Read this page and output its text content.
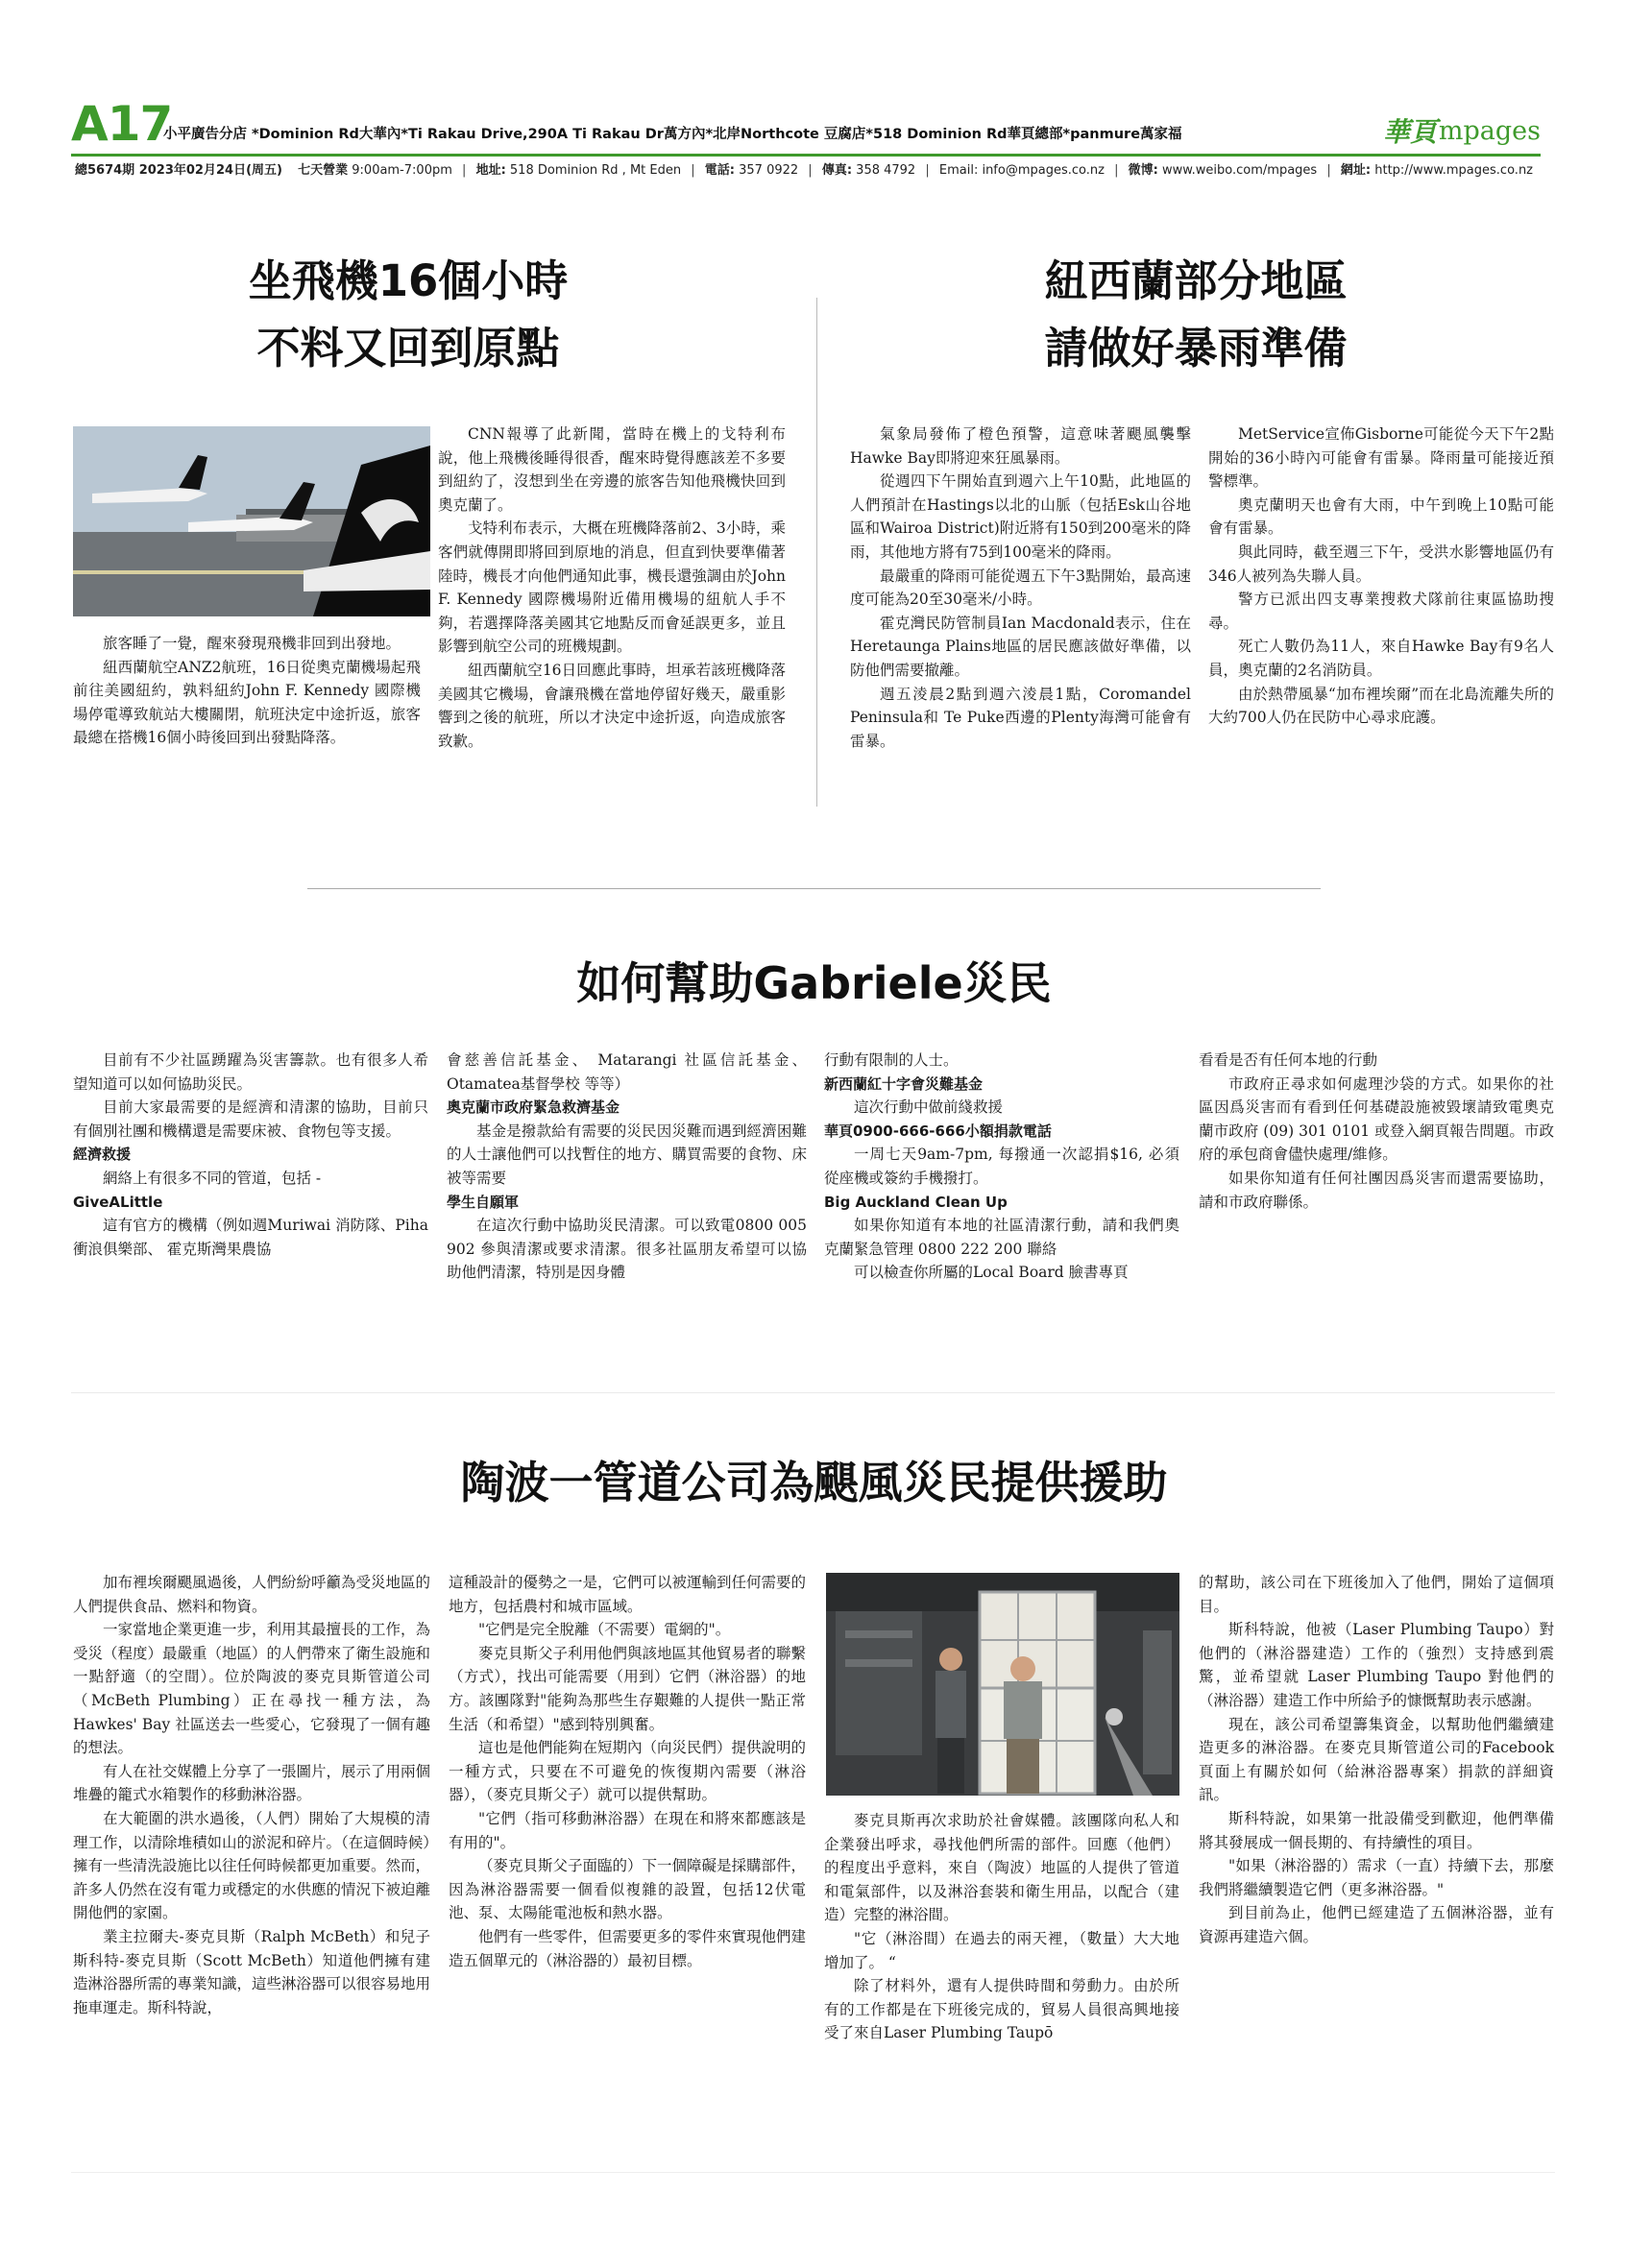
A17
小平廣告分店 *Dominion Rd大華內*Ti Rakau Drive,290A Ti Rakau Dr萬方內*北岸Northcote 豆腐店*518 Dominion Rd華頁總部*panmure萬家福	華頁 mpages
總5674期 2023年02月24日(周五) 七天營業 9:00am-7:00pm | 地址: 518 Dominion Rd , Mt Eden | 電話: 357 0922 | 傳真: 358 4792 | Email: info@mpages.co.nz | 微博: www.weibo.com/mpages | 網址: http://www.mpages.co.nz
坐飛機16個小時
不料又回到原點

旅客睡了一覺，醒來發現飛機非回到出發地。

紐西蘭航空ANZ2航班，16日從奧克蘭機場起飛前往美國紐約，孰料紐約John F. Kennedy 國際機場停電導致航站大樓關閉，航班決定中途折返，旅客最總在搭機16個小時後回到出發點降落。

CNN報導了此新聞，當時在機上的戈特利布說，他上飛機後睡得很香，醒來時覺得應該差不多要到紐約了，沒想到坐在旁邊的旅客告知他飛機快回到奧克蘭了。

戈特利布表示，大概在班機降落前2、3小時，乘客們就傳開即將回到原地的消息，但直到快要準備著陸時，機長才向他們通知此事，機長還強調由於John F. Kennedy 國際機場附近備用機場的紐航人手不夠，若選擇降落美國其它地點反而會延誤更多，並且影響到航空公司的班機規劃。

紐西蘭航空16日回應此事時，坦承若該班機降落美國其它機場，會讓飛機在當地停留好幾天，嚴重影響到之後的航班，所以才決定中途折返，向造成旅客致歉。

紐西蘭部分地區
請做好暴雨準備

氣象局發佈了橙色預警，這意味著颶風襲擊Hawke Bay即將迎來狂風暴雨。

從週四下午開始直到週六上午10點，此地區的人們預計在Hastings以北的山脈（包括Esk山谷地區和Wairoa District)附近將有150到200毫米的降雨，其他地方將有75到100毫米的降雨。

最嚴重的降雨可能從週五下午3點開始，最高速度可能為20至30毫米/小時。

霍克灣民防管制員Ian Macdonald表示，住在Heretaunga Plains地區的居民應該做好準備，以防他們需要撤離。

週五淩晨2點到週六淩晨1點，Coromandel Peninsula和 Te Puke西邊的Plenty海灣可能會有雷暴。

MetService宣佈Gisborne可能從今天下午2點開始的36小時內可能會有雷暴。降雨量可能接近預警標準。

奧克蘭明天也會有大雨，中午到晚上10點可能會有雷暴。

與此同時，截至週三下午，受洪水影響地區仍有346人被列為失聯人員。

警方已派出四支專業搜救犬隊前往東區協助搜尋。

死亡人數仍為11人，來自Hawke Bay有9名人員，奧克蘭的2名消防員。

由於熱帶風暴“加布裡埃爾”而在北島流離失所的大約700人仍在民防中心尋求庇護。

如何幫助Gabriele災民

目前有不少社區踴躍為災害籌款。也有很多人希望知道可以如何協助災民。

目前大家最需要的是經濟和清潔的協助，目前只有個別社團和機構還是需要床被、食物包等支援。

經濟救援

網絡上有很多不同的管道，包括 -

GiveALittle

這有官方的機構（例如週Muriwai 消防隊、Piha 衝浪俱樂部、 霍克斯灣果農協

會慈善信託基金、 Matarangi 社區信託基金、Otamatea基督學校 等等）

奧克蘭市政府緊急救濟基金

基金是撥款給有需要的災民因災難而遇到經濟困難的人士讓他們可以找暫住的地方、購買需要的食物、床被等需要

學生自願軍

在這次行動中協助災民清潔。可以致電0800 005 902 參與清潔或要求清潔。很多社區朋友希望可以協助他們清潔，特別是因身體

行動有限制的人士。

新西蘭紅十字會災難基金

這次行動中做前綫救援

華頁0900-666-666小額捐款電話

一周七天9am-7pm, 每撥通一次認捐$16, 必須從座機或簽約手機撥打。

Big Auckland Clean Up

如果你知道有本地的社區清潔行動，請和我們奧克蘭緊急管理 0800 222 200 聯絡

可以檢查你所屬的Local Board 臉書專頁

看看是否有任何本地的行動

市政府正尋求如何處理沙袋的方式。如果你的社區因爲災害而有看到任何基礎設施被毀壞請致電奧克蘭市政府 (09) 301 0101 或登入網頁報告問題。市政府的承包商會儘快處理/維修。

如果你知道有任何社團因爲災害而還需要協助，請和市政府聯係。

陶波一管道公司為颶風災民提供援助

加布裡埃爾颶風過後，人們紛紛呼籲為受災地區的人們提供食品、燃料和物資。

一家當地企業更進一步，利用其最擅長的工作，為受災（程度）最嚴重（地區）的人們帶來了衛生設施和一點舒適（的空間）。位於陶波的麥克貝斯管道公司（McBeth Plumbing）正在尋找一種方法，為 Hawkes' Bay 社區送去一些愛心，它發現了一個有趣的想法。

有人在社交媒體上分享了一張圖片，展示了用兩個堆疊的籠式水箱製作的移動淋浴器。

在大範圍的洪水過後，（人們）開始了大規模的清理工作，以清除堆積如山的淤泥和碎片。（在這個時候）擁有一些清洗設施比以往任何時候都更加重要。然而，許多人仍然在沒有電力或穩定的水供應的情況下被迫離開他們的家園。

業主拉爾夫-麥克貝斯（Ralph McBeth）和兒子斯科特-麥克貝斯（Scott McBeth）知道他們擁有建造淋浴器所需的專業知識，這些淋浴器可以很容易地用拖車運走。斯科特說，

這種設計的優勢之一是，它們可以被運輸到任何需要的地方，包括農村和城市區域。

"它們是完全脫離（不需要）電網的"。

麥克貝斯父子利用他們與該地區其他貿易者的聯繫（方式），找出可能需要（用到）它們（淋浴器）的地方。該團隊對"能夠為那些生存艱難的人提供一點正常生活（和希望）"感到特別興奮。

這也是他們能夠在短期內（向災民們）提供說明的一種方式，只要在不可避免的恢復期內需要（淋浴器），（麥克貝斯父子）就可以提供幫助。

"它們（指可移動淋浴器）在現在和將來都應該是有用的"。

（麥克貝斯父子面臨的）下一個障礙是採購部件，因為淋浴器需要一個看似複雜的設置，包括12伏電池、泵、太陽能電池板和熱水器。

他們有一些零件，但需要更多的零件來實現他們建造五個單元的（淋浴器的）最初目標。

麥克貝斯再次求助於社會媒體。該團隊向私人和企業發出呼求，尋找他們所需的部件。回應（他們）的程度出乎意料，來自（陶波）地區的人提供了管道和電氣部件，以及淋浴套裝和衛生用品，以配合（建造）完整的淋浴間。

"它（淋浴間）在過去的兩天裡，（數量）大大地增加了。 “

除了材料外，還有人提供時間和勞動力。由於所有的工作都是在下班後完成的，貿易人員很高興地接受了來自Laser Plumbing Taupō

的幫助，該公司在下班後加入了他們，開始了這個項目。

斯科特說，他被（Laser Plumbing Taupo）對他們的（淋浴器建造）工作的（強烈）支持感到震驚，並希望就 Laser Plumbing Taupo 對他們的（淋浴器）建造工作中所給予的慷慨幫助表示感謝。

現在，該公司希望籌集資金，以幫助他們繼續建造更多的淋浴器。在麥克貝斯管道公司的Facebook 頁面上有關於如何（給淋浴器專案）捐款的詳細資訊。

斯科特說，如果第一批設備受到歡迎，他們準備將其發展成一個長期的、有持續性的項目。

"如果（淋浴器的）需求（一直）持續下去，那麼我們將繼續製造它們（更多淋浴器。"

到目前為止，他們已經建造了五個淋浴器，並有資源再建造六個。
